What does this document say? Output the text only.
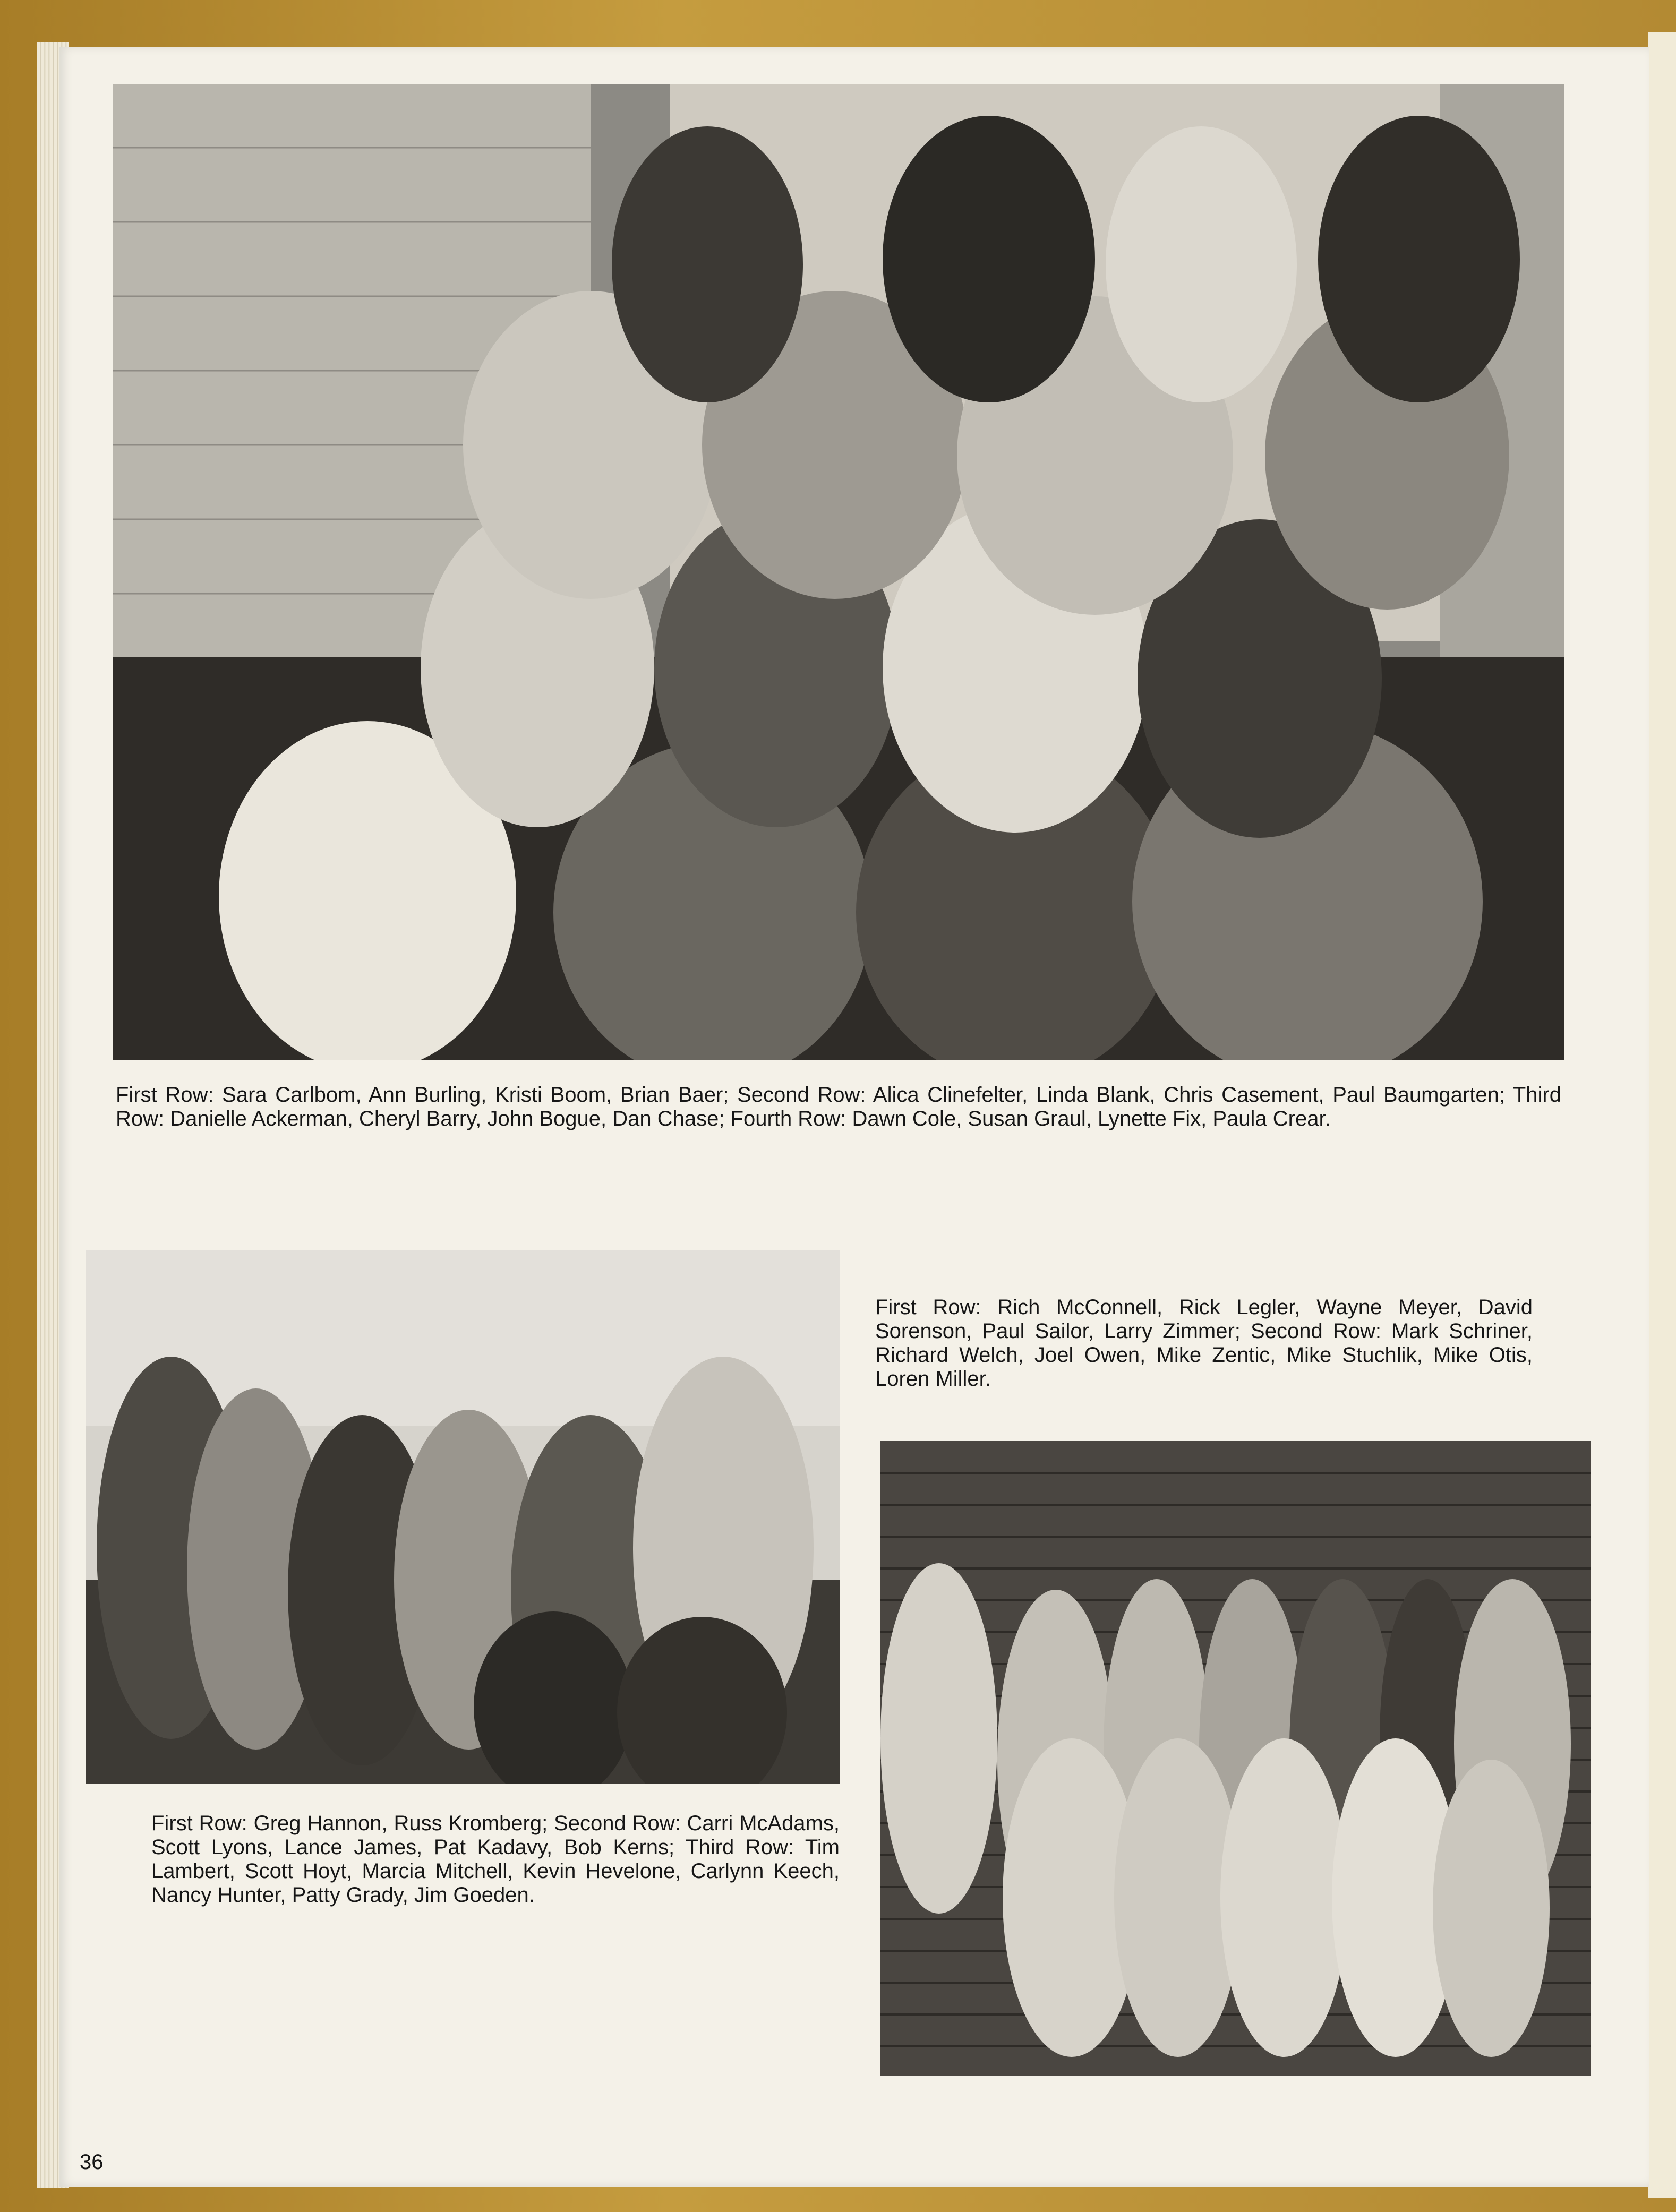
First Row: Sara Carlbom, Ann Burling, Kristi Boom, Brian Baer; Second Row: Alica Clinefelter, Linda Blank, Chris Casement, Paul Baumgarten; Third Row: Danielle Ackerman, Cheryl Barry, John Bogue, Dan Chase; Fourth Row: Dawn Cole, Susan Graul, Lynette Fix, Paula Crear.

First Row: Greg Hannon, Russ Kromberg; Second Row: Carri McAdams, Scott Lyons, Lance James, Pat Kadavy, Bob Kerns; Third Row: Tim Lambert, Scott Hoyt, Marcia Mitchell, Kevin Hevelone, Carlynn Keech, Nancy Hunter, Patty Grady, Jim Goeden.

First Row: Rich McConnell, Rick Legler, Wayne Meyer, David Sorenson, Paul Sailor, Larry Zimmer; Second Row: Mark Schriner, Richard Welch, Joel Owen, Mike Zentic, Mike Stuchlik, Mike Otis, Loren Miller.

36
